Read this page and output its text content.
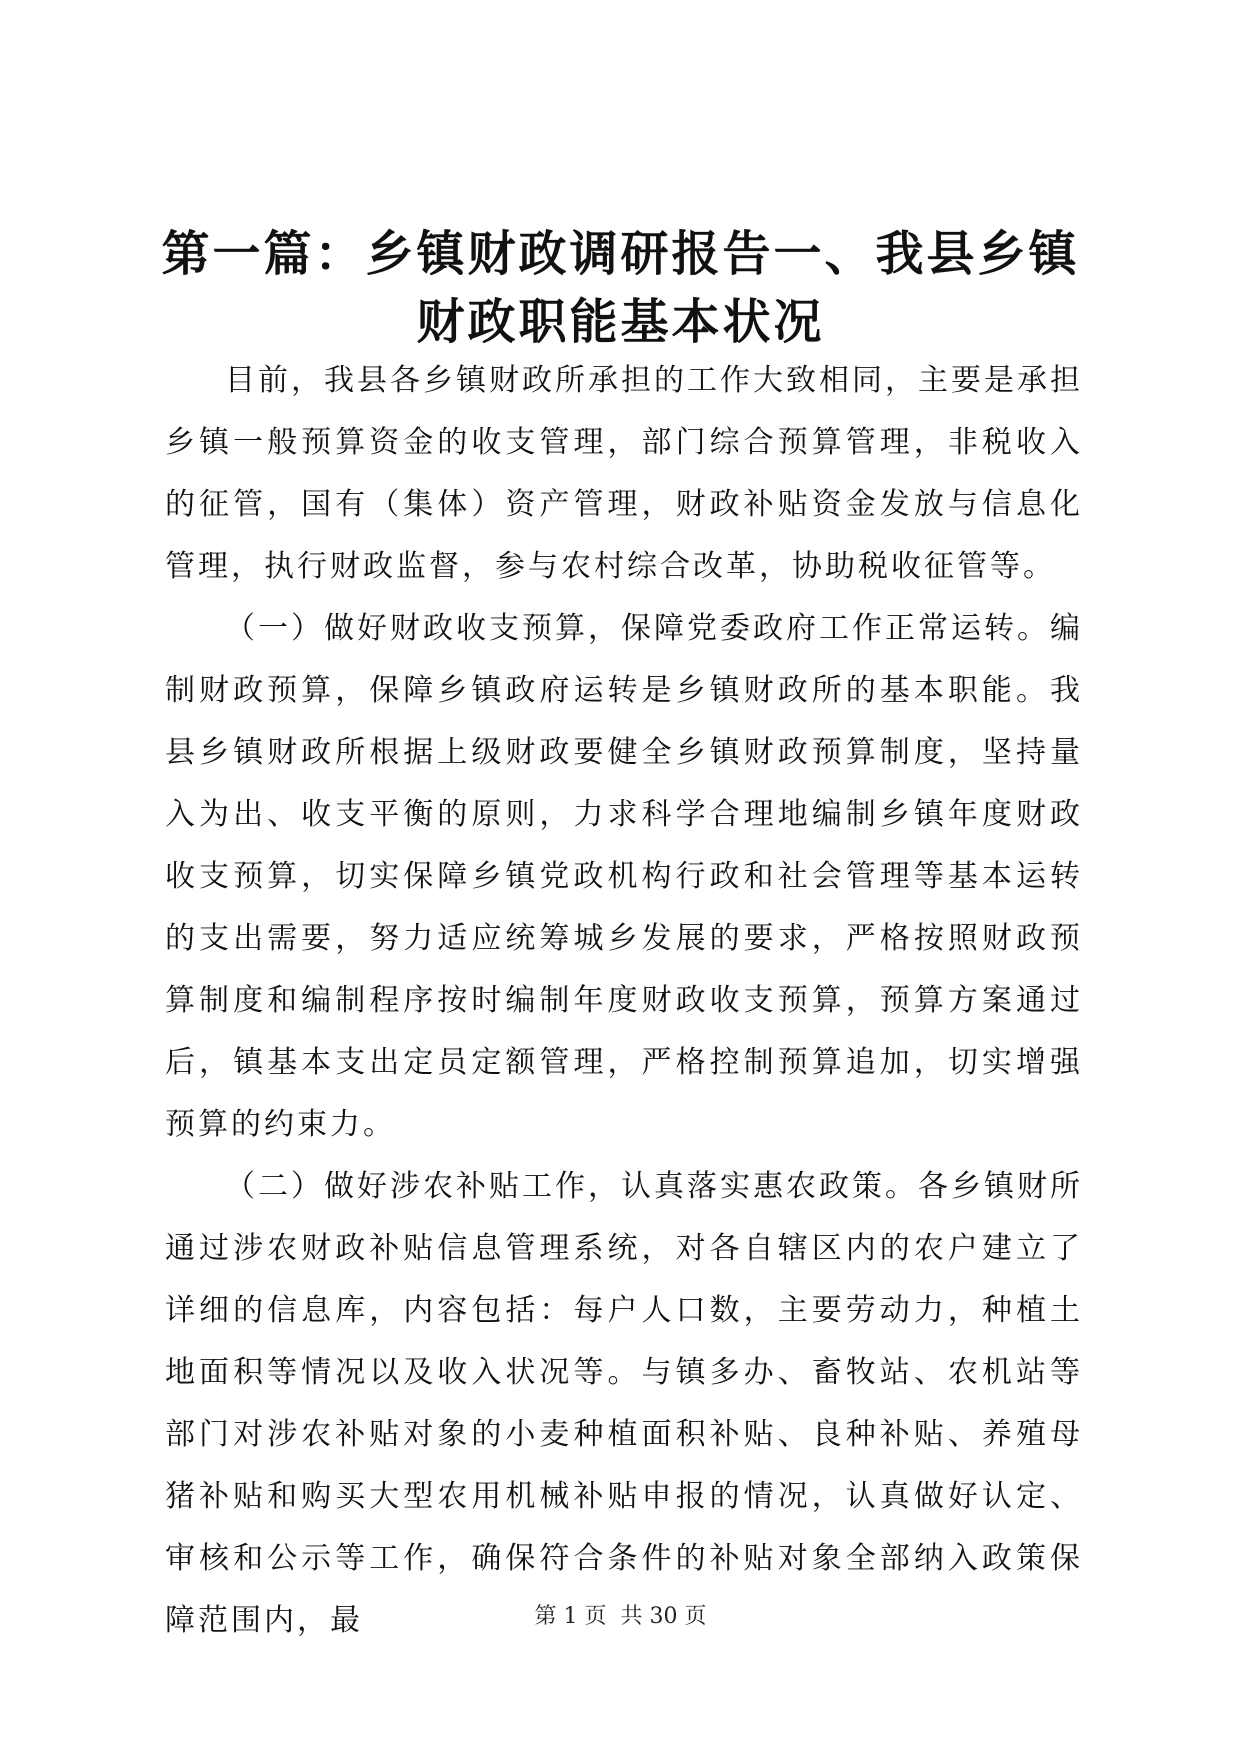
第一篇：乡镇财政调研报告一、我县乡镇财政职能基本状况

目前，我县各乡镇财政所承担的工作大致相同，主要是承担乡镇一般预算资金的收支管理，部门综合预算管理，非税收入的征管，国有（集体）资产管理，财政补贴资金发放与信息化管理，执行财政监督，参与农村综合改革，协助税收征管等。

（一）做好财政收支预算，保障党委政府工作正常运转。编制财政预算，保障乡镇政府运转是乡镇财政所的基本职能。我县乡镇财政所根据上级财政要健全乡镇财政预算制度，坚持量入为出、收支平衡的原则，力求科学合理地编制乡镇年度财政收支预算，切实保障乡镇党政机构行政和社会管理等基本运转的支出需要，努力适应统筹城乡发展的要求，严格按照财政预算制度和编制程序按时编制年度财政收支预算，预算方案通过后，镇基本支出定员定额管理，严格控制预算追加，切实增强预算的约束力。

（二）做好涉农补贴工作，认真落实惠农政策。各乡镇财所通过涉农财政补贴信息管理系统，对各自辖区内的农户建立了详细的信息库，内容包括：每户人口数，主要劳动力，种植土地面积等情况以及收入状况等。与镇多办、畜牧站、农机站等部门对涉农补贴对象的小麦种植面积补贴、良种补贴、养殖母猪补贴和购买大型农用机械补贴申报的情况，认真做好认定、审核和公示等工作，确保符合条件的补贴对象全部纳入政策保障范围内，最	第 1 页  共 30 页
